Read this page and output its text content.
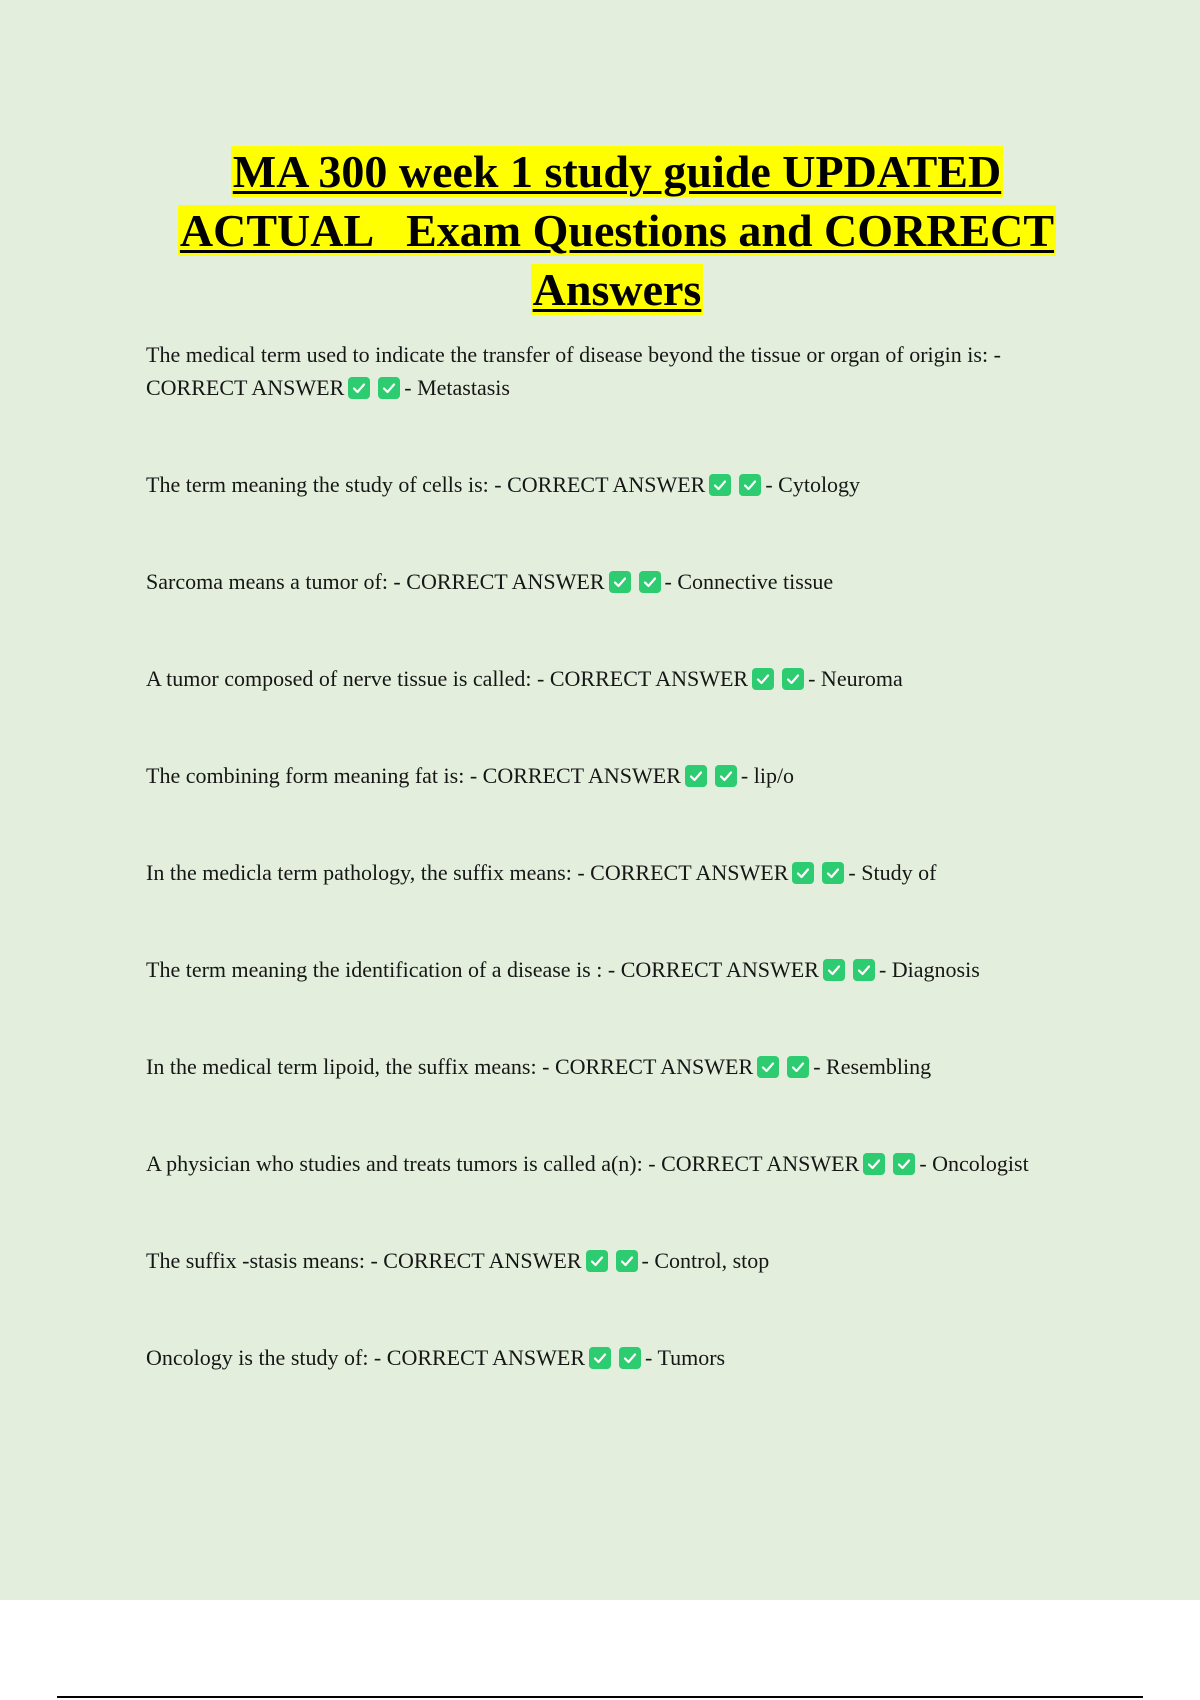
MA 300 week 1 study guide UPDATED
ACTUAL   Exam Questions and CORRECT
Answers

The medical term used to indicate the transfer of disease beyond the tissue or organ of origin is: - CORRECT ANSWER	- Metastasis

The term meaning the study of cells is: - CORRECT ANSWER	- Cytology

Sarcoma means a tumor of: - CORRECT ANSWER	- Connective tissue

A tumor composed of nerve tissue is called: - CORRECT ANSWER	- Neuroma

The combining form meaning fat is: - CORRECT ANSWER	- lip/o

In the medicla term pathology, the suffix means: - CORRECT ANSWER	- Study of

The term meaning the identification of a disease is : - CORRECT ANSWER	- Diagnosis

In the medical term lipoid, the suffix means: - CORRECT ANSWER	- Resembling

A physician who studies and treats tumors is called a(n): - CORRECT ANSWER	- Oncologist

The suffix -stasis means: - CORRECT ANSWER	- Control, stop

Oncology is the study of: - CORRECT ANSWER	- Tumors
